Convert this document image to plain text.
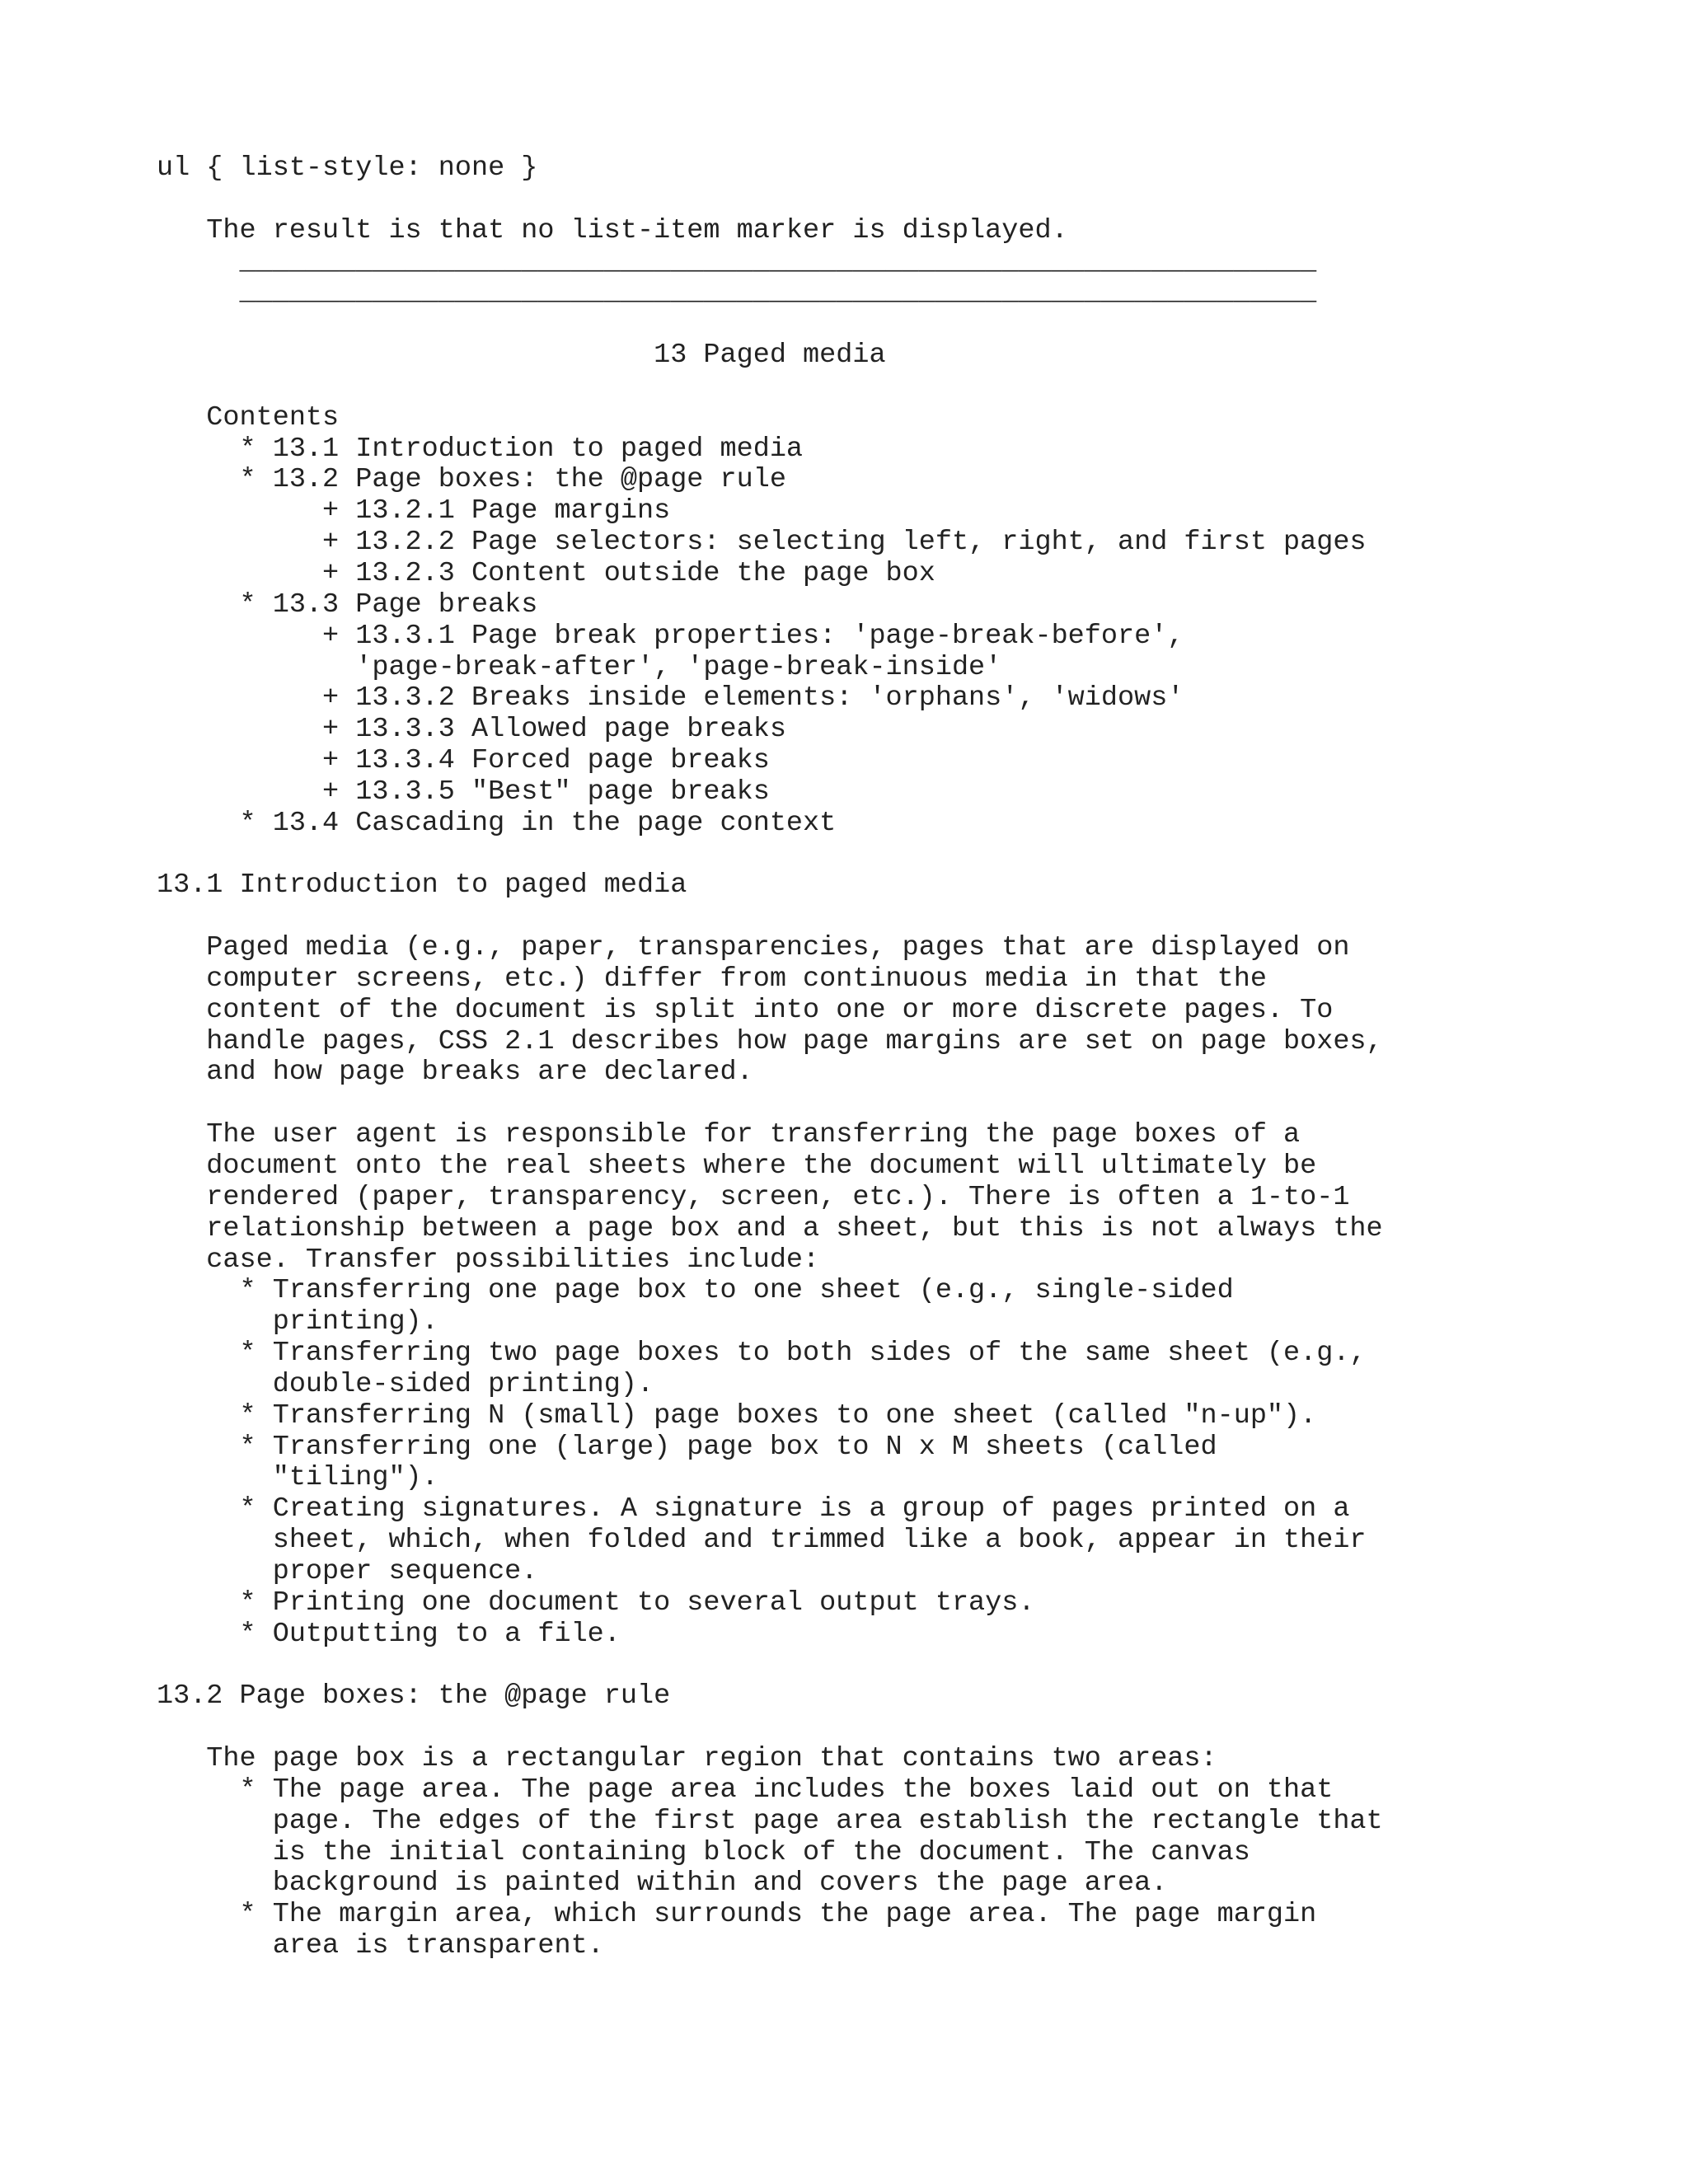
ul { list-style: none }
The result is that no list-item marker is displayed.
_________________________________________________________________
_________________________________________________________________
13 Paged media
Contents
* 13.1 Introduction to paged media
* 13.2 Page boxes: the @page rule
+ 13.2.1 Page margins
+ 13.2.2 Page selectors: selecting left, right, and first pages
+ 13.2.3 Content outside the page box
* 13.3 Page breaks
+ 13.3.1 Page break properties: 'page-break-before',
'page-break-after', 'page-break-inside'
+ 13.3.2 Breaks inside elements: 'orphans', 'widows'
+ 13.3.3 Allowed page breaks
+ 13.3.4 Forced page breaks
+ 13.3.5 "Best" page breaks
* 13.4 Cascading in the page context
13.1 Introduction to paged media
Paged media (e.g., paper, transparencies, pages that are displayed on
computer screens, etc.) differ from continuous media in that the
content of the document is split into one or more discrete pages. To
handle pages, CSS 2.1 describes how page margins are set on page boxes,
and how page breaks are declared.
The user agent is responsible for transferring the page boxes of a
document onto the real sheets where the document will ultimately be
rendered (paper, transparency, screen, etc.). There is often a 1-to-1
relationship between a page box and a sheet, but this is not always the
case. Transfer possibilities include:
* Transferring one page box to one sheet (e.g., single-sided
printing).
* Transferring two page boxes to both sides of the same sheet (e.g.,
double-sided printing).
* Transferring N (small) page boxes to one sheet (called "n-up").
* Transferring one (large) page box to N x M sheets (called
"tiling").
* Creating signatures. A signature is a group of pages printed on a
sheet, which, when folded and trimmed like a book, appear in their
proper sequence.
* Printing one document to several output trays.
* Outputting to a file.
13.2 Page boxes: the @page rule
The page box is a rectangular region that contains two areas:
* The page area. The page area includes the boxes laid out on that
page. The edges of the first page area establish the rectangle that
is the initial containing block of the document. The canvas
background is painted within and covers the page area.
* The margin area, which surrounds the page area. The page margin
area is transparent.
